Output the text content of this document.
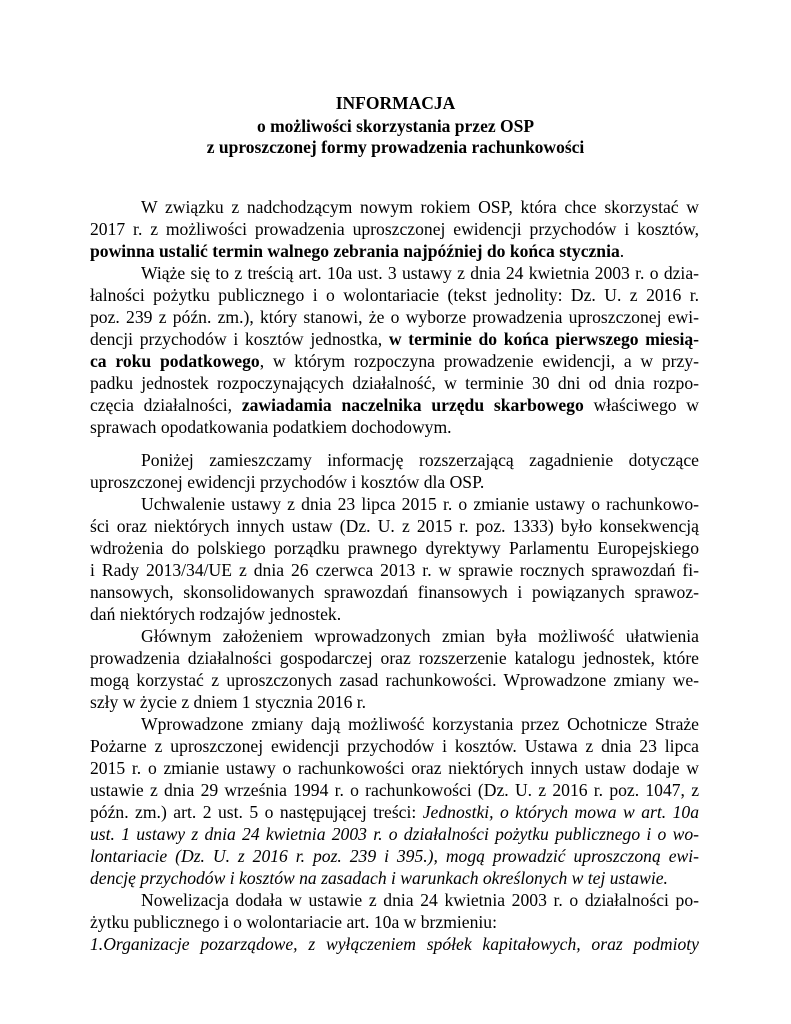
INFORMACJA
o możliwości skorzystania przez OSP
z uproszczonej formy prowadzenia rachunkowości
W związku z nadchodzącym nowym rokiem OSP, która chce skorzystać w
2017 r. z możliwości prowadzenia uproszczonej ewidencji przychodów i kosztów,
powinna ustalić termin walnego zebrania najpóźniej do końca stycznia.
Wiąże się to z treścią art. 10a ust. 3 ustawy z dnia 24 kwietnia 2003 r. o dzia-
łalności pożytku publicznego i o wolontariacie (tekst jednolity: Dz. U. z 2016 r.
poz. 239 z późn. zm.), który stanowi, że o wyborze prowadzenia uproszczonej ewi-
dencji przychodów i kosztów jednostka, w terminie do końca pierwszego miesią-
ca roku podatkowego, w którym rozpoczyna prowadzenie ewidencji, a w przy-
padku jednostek rozpoczynających działalność, w terminie 30 dni od dnia rozpo-
częcia działalności, zawiadamia naczelnika urzędu skarbowego właściwego w
sprawach opodatkowania podatkiem dochodowym.
Poniżej zamieszczamy informację rozszerzającą zagadnienie dotyczące
uproszczonej ewidencji przychodów i kosztów dla OSP.
Uchwalenie ustawy z dnia 23 lipca 2015 r. o zmianie ustawy o rachunkowo-
ści oraz niektórych innych ustaw (Dz. U. z 2015 r. poz. 1333) było konsekwencją
wdrożenia do polskiego porządku prawnego dyrektywy Parlamentu Europejskiego
i Rady 2013/34/UE z dnia 26 czerwca 2013 r. w sprawie rocznych sprawozdań fi-
nansowych, skonsolidowanych sprawozdań finansowych i powiązanych sprawoz-
dań niektórych rodzajów jednostek.
Głównym założeniem wprowadzonych zmian była możliwość ułatwienia
prowadzenia działalności gospodarczej oraz rozszerzenie katalogu jednostek, które
mogą korzystać z uproszczonych zasad rachunkowości. Wprowadzone zmiany we-
szły w życie z dniem 1 stycznia 2016 r.
Wprowadzone zmiany dają możliwość korzystania przez Ochotnicze Straże
Pożarne z uproszczonej ewidencji przychodów i kosztów. Ustawa z dnia 23 lipca
2015 r. o zmianie ustawy o rachunkowości oraz niektórych innych ustaw dodaje w
ustawie z dnia 29 września 1994 r. o rachunkowości (Dz. U. z 2016 r. poz. 1047, z
późn. zm.) art. 2 ust. 5 o następującej treści: Jednostki, o których mowa w art. 10a
ust. 1 ustawy z dnia 24 kwietnia 2003 r. o działalności pożytku publicznego i o wo-
lontariacie (Dz. U. z 2016 r. poz. 239 i 395.), mogą prowadzić uproszczoną ewi-
dencję przychodów i kosztów na zasadach i warunkach określonych w tej ustawie.
Nowelizacja dodała w ustawie z dnia 24 kwietnia 2003 r. o działalności po-
żytku publicznego i o wolontariacie art. 10a w brzmieniu:
1.Organizacje pozarządowe, z wyłączeniem spółek kapitałowych, oraz podmioty
